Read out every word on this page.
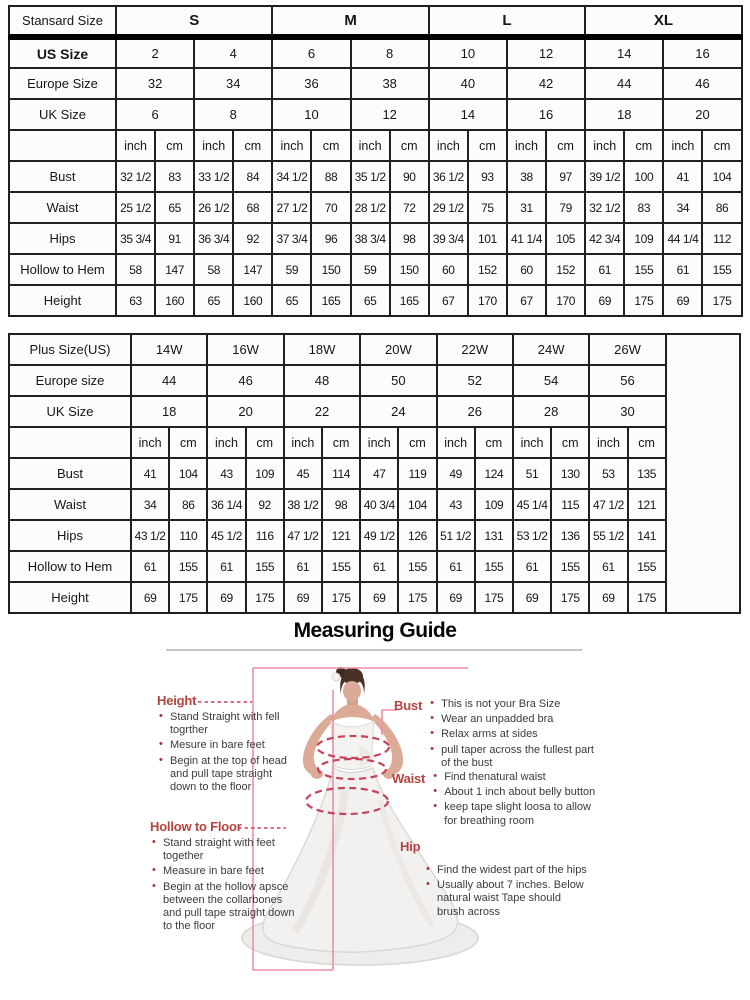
Stansard Size	S				M				L				XL			
US Size	2		4		6		8		10		12		14		16	
Europe Size	32		34		36		38		40		42		44		46	
UK Size	6		8		10		12		14		16		18		20	
	inch	cm	inch	cm	inch	cm	inch	cm	inch	cm	inch	cm	inch	cm	inch	cm
Bust	32 1/2	83	33 1/2	84	34 1/2	88	35 1/2	90	36 1/2	93	38	97	39 1/2	100	41	104
Waist	25 1/2	65	26 1/2	68	27 1/2	70	28 1/2	72	29 1/2	75	31	79	32 1/2	83	34	86
Hips	35 3/4	91	36 3/4	92	37 3/4	96	38 3/4	98	39 3/4	101	41 1/4	105	42 3/4	109	44 1/4	112
Hollow to Hem	58	147	58	147	59	150	59	150	60	152	60	152	61	155	61	155
Height	63	160	65	160	65	165	65	165	67	170	67	170	69	175	69	175
Plus Size(US)	14W		16W		18W		20W		22W		24W		26W		
Europe size	44		46		48		50		52		54		56		
UK Size	18		20		22		24		26		28		30		
	inch	cm	inch	cm	inch	cm	inch	cm	inch	cm	inch	cm	inch	cm	
Bust	41	104	43	109	45	114	47	119	49	124	51	130	53	135	
Waist	34	86	36 1/4	92	38 1/2	98	40 3/4	104	43	109	45 1/4	115	47 1/2	121	
Hips	43 1/2	110	45 1/2	116	47 1/2	121	49 1/2	126	51 1/2	131	53 1/2	136	55 1/2	141	
Hollow to Hem	61	155	61	155	61	155	61	155	61	155	61	155	61	155	
Height	69	175	69	175	69	175	69	175	69	175	69	175	69	175	
Measuring Guide
Height
• Stand Straight with fell togrther
• Mesure in bare feet
• Begin at the top of head and pull tape straight down to the floor
Hollow to Floor
• Stand straight with feet together
• Measure in bare feet
• Begin at the hollow apsce between the collarbones and pull tape straight down to the floor
Bust	• This is not your Bra Size
• Wear an unpadded bra
• Relax arms at sides
• pull taper across the fullest part of the bust
Waist	• Find thenatural waist
• About 1 inch about belly button
• keep tape slight loosa to allow for breathing room
Hip
• Find the widest part of the hips
• Usually about 7 inches. Below natural waist Tape should brush across
